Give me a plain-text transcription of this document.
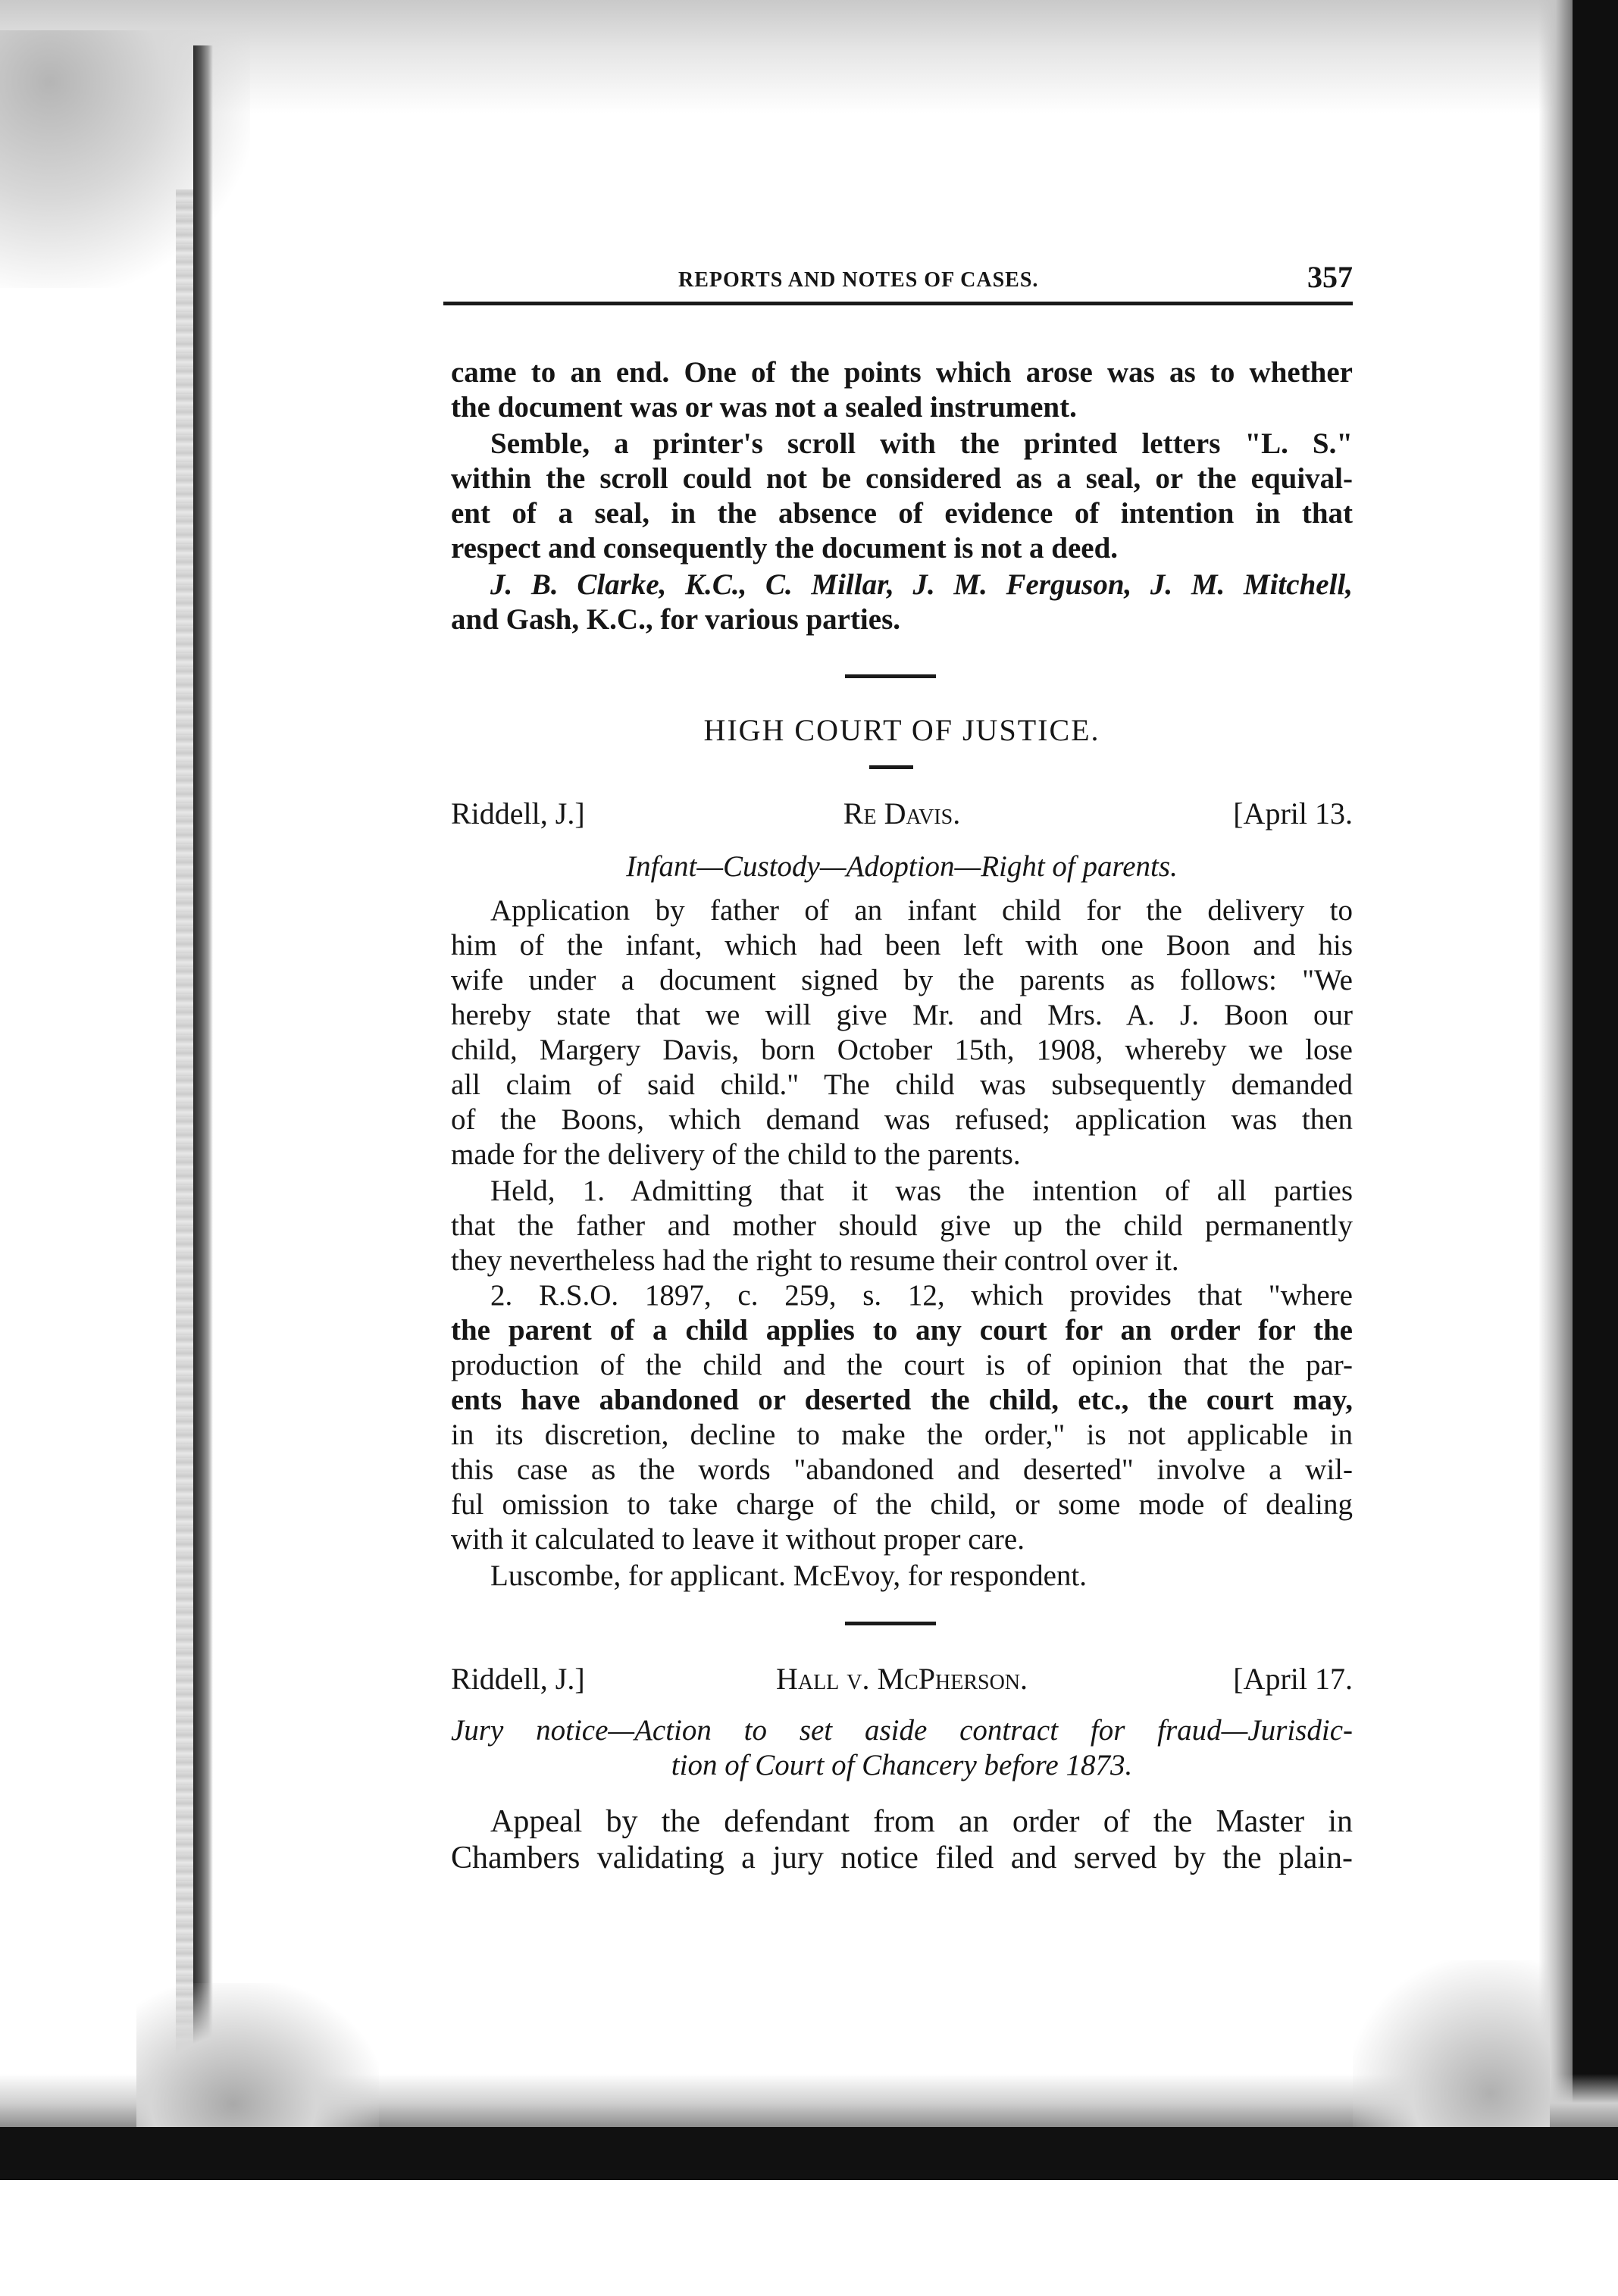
REPORTS AND NOTES OF CASES.	357
came to an end. One of the points which arose was as to whether
the document was or was not a sealed instrument.
Semble, a printer's scroll with the printed letters "L. S."
within the scroll could not be considered as a seal, or the equival-
ent of a seal, in the absence of evidence of intention in that
respect and consequently the document is not a deed.
J. B. Clarke, K.C., C. Millar, J. M. Ferguson, J. M. Mitchell,
and Gash, K.C., for various parties.
HIGH COURT OF JUSTICE.
Riddell, J.]	Re Davis.	[April 13.
Infant—Custody—Adoption—Right of parents.
Application by father of an infant child for the delivery to
him of the infant, which had been left with one Boon and his
wife under a document signed by the parents as follows: "We
hereby state that we will give Mr. and Mrs. A. J. Boon our
child, Margery Davis, born October 15th, 1908, whereby we lose
all claim of said child." The child was subsequently demanded
of the Boons, which demand was refused; application was then
made for the delivery of the child to the parents.
Held, 1. Admitting that it was the intention of all parties
that the father and mother should give up the child permanently
they nevertheless had the right to resume their control over it.
2. R.S.O. 1897, c. 259, s. 12, which provides that "where
the parent of a child applies to any court for an order for the
production of the child and the court is of opinion that the par-
ents have abandoned or deserted the child, etc., the court may,
in its discretion, decline to make the order," is not applicable in
this case as the words "abandoned and deserted" involve a wil-
ful omission to take charge of the child, or some mode of dealing
with it calculated to leave it without proper care.
Luscombe, for applicant. McEvoy, for respondent.
Riddell, J.]	Hall v. McPherson.	[April 17.
Jury notice—Action to set aside contract for fraud—Jurisdic-
tion of Court of Chancery before 1873.
Appeal by the defendant from an order of the Master in
Chambers validating a jury notice filed and served by the plain-
